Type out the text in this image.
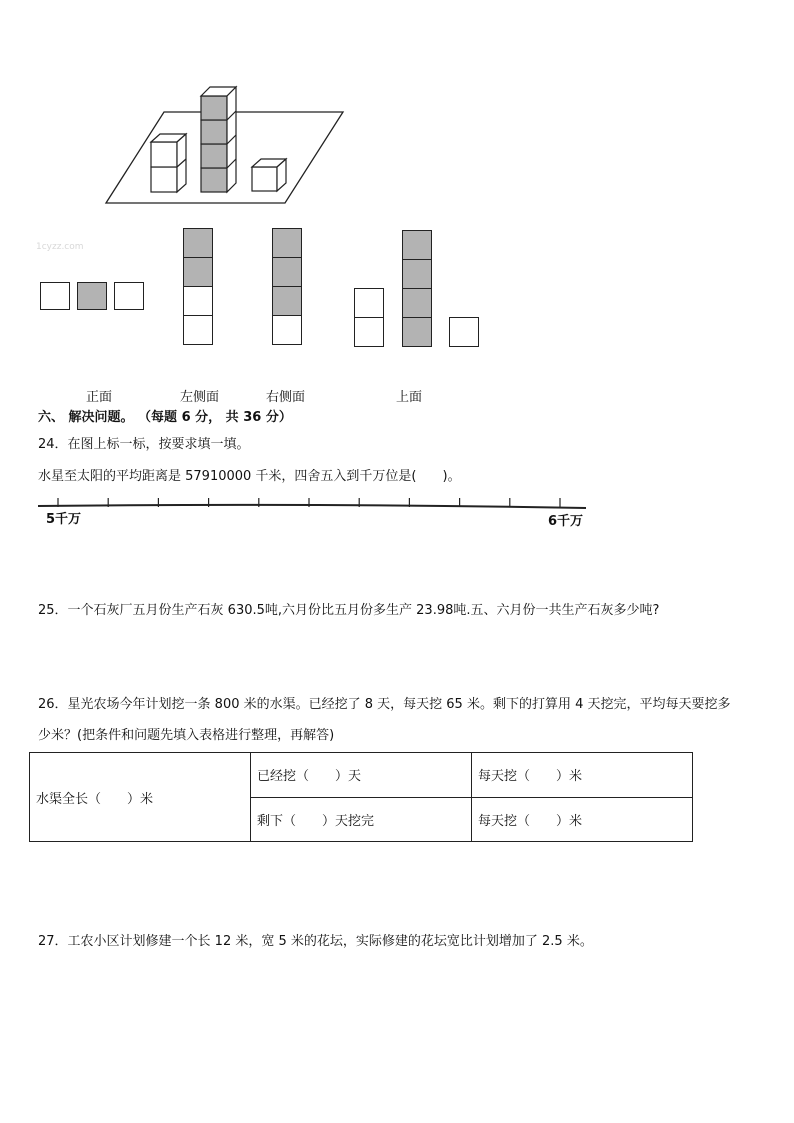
1cyzz.com
正面	左侧面	右侧面	上面
六、 解决问题。 （每题 6 分， 共 36 分）
24．在图上标一标，按要求填一填。
水星至太阳的平均距离是 57910000 千米，四舍五入到千万位是(　　)。
5千万	6千万
25．一个石灰厂五月份生产石灰 630.5吨,六月份比五月份多生产 23.98吨.五、六月份一共生产石灰多少吨?
26．星光农场今年计划挖一条 800 米的水渠。已经挖了 8 天，每天挖 65 米。剩下的打算用 4 天挖完，平均每天要挖多
少米？(把条件和问题先填入表格进行整理，再解答)
水渠全长（　　）米	已经挖（　　）天	每天挖（　　）米
	剩下（　　）天挖完	每天挖（　　）米
27．工农小区计划修建一个长 12 米，宽 5 米的花坛，实际修建的花坛宽比计划增加了 2.5 米。
